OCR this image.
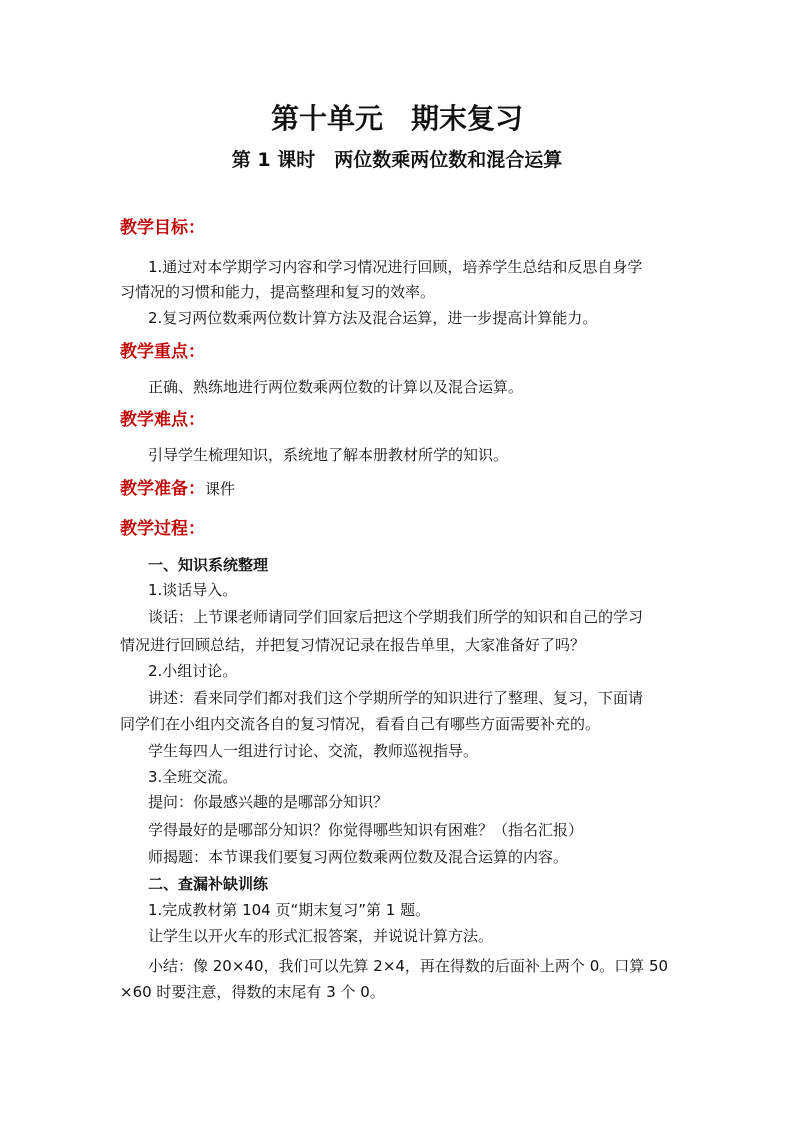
第十单元　期末复习
第 1 课时　两位数乘两位数和混合运算
教学目标：
1.通过对本学期学习内容和学习情况进行回顾，培养学生总结和反思自身学
习情况的习惯和能力，提高整理和复习的效率。
2.复习两位数乘两位数计算方法及混合运算，进一步提高计算能力。
教学重点：
正确、熟练地进行两位数乘两位数的计算以及混合运算。
教学难点：
引导学生梳理知识，系统地了解本册教材所学的知识。
教学准备：课件
教学过程：
一、知识系统整理
1.谈话导入。
谈话：上节课老师请同学们回家后把这个学期我们所学的知识和自己的学习
情况进行回顾总结，并把复习情况记录在报告单里，大家准备好了吗？
2.小组讨论。
讲述：看来同学们都对我们这个学期所学的知识进行了整理、复习，下面请
同学们在小组内交流各自的复习情况，看看自己有哪些方面需要补充的。
学生每四人一组进行讨论、交流，教师巡视指导。
3.全班交流。
提问：你最感兴趣的是哪部分知识？
学得最好的是哪部分知识？你觉得哪些知识有困难？（指名汇报）
师揭题：本节课我们要复习两位数乘两位数及混合运算的内容。
二、查漏补缺训练
1.完成教材第 104 页“期末复习”第 1 题。
让学生以开火车的形式汇报答案，并说说计算方法。
小结：像 20×40，我们可以先算 2×4，再在得数的后面补上两个 0。口算 50
×60 时要注意，得数的末尾有 3 个 0。
